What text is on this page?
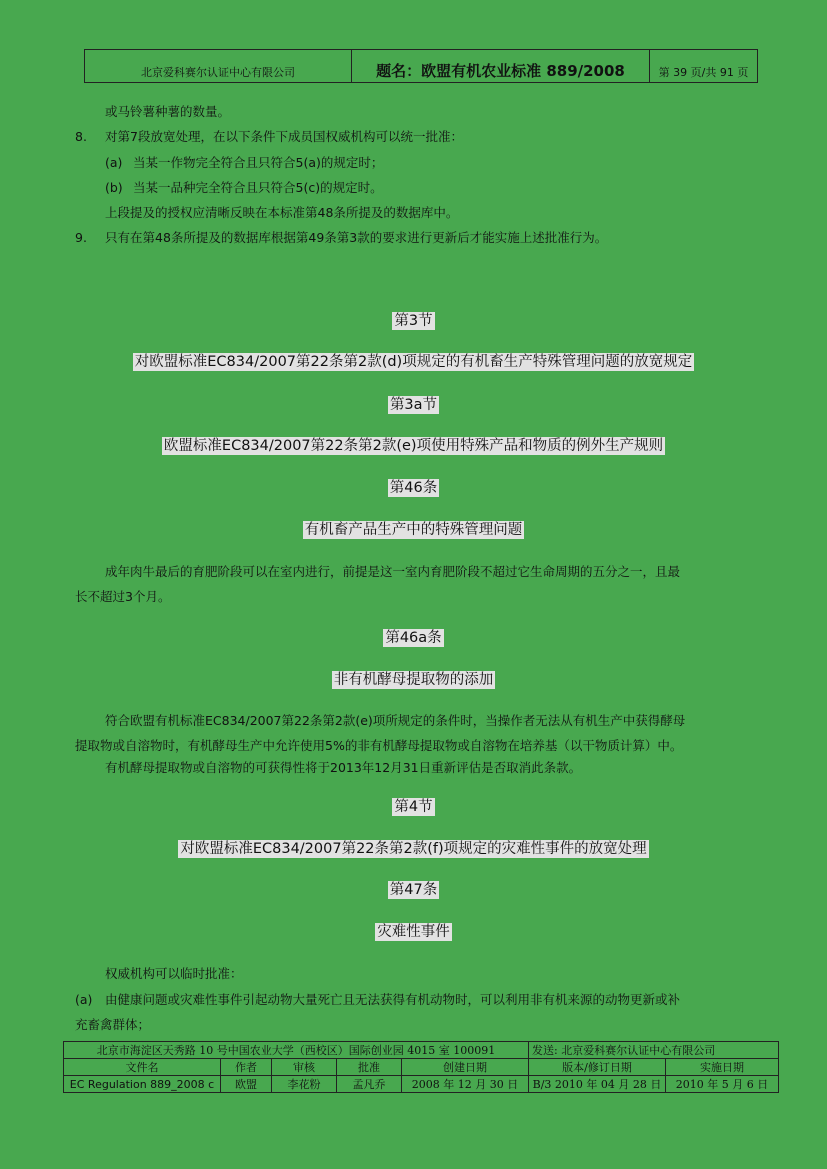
北京爱科赛尔认证中心有限公司	题名：欧盟有机农业标准 889/2008	第 39 页/共 91 页
或马铃薯种薯的数量。
8. 对第7段放宽处理，在以下条件下成员国权威机构可以统一批准：
(a) 当某一作物完全符合且只符合5(a)的规定时；
(b) 当某一品种完全符合且只符合5(c)的规定时。
上段提及的授权应清晰反映在本标准第48条所提及的数据库中。
9. 只有在第48条所提及的数据库根据第49条第3款的要求进行更新后才能实施上述批准行为。
第3节
对欧盟标准EC834/2007第22条第2款(d)项规定的有机畜生产特殊管理问题的放宽规定
第3a节
欧盟标准EC834/2007第22条第2款(e)项使用特殊产品和物质的例外生产规则
第46条
有机畜产品生产中的特殊管理问题
成年肉牛最后的育肥阶段可以在室内进行，前提是这一室内育肥阶段不超过它生命周期的五分之一，且最
长不超过3个月。
第46a条
非有机酵母提取物的添加
符合欧盟有机标准EC834/2007第22条第2款(e)项所规定的条件时，当操作者无法从有机生产中获得酵母
提取物或自溶物时，有机酵母生产中允许使用5%的非有机酵母提取物或自溶物在培养基（以干物质计算）中。
有机酵母提取物或自溶物的可获得性将于2013年12月31日重新评估是否取消此条款。
第4节
对欧盟标准EC834/2007第22条第2款(f)项规定的灾难性事件的放宽处理
第47条
灾难性事件
权威机构可以临时批准：
(a) 由健康问题或灾难性事件引起动物大量死亡且无法获得有机动物时，可以利用非有机来源的动物更新或补
充畜禽群体；
北京市海淀区天秀路 10 号中国农业大学（西校区）国际创业园 4015 室 100091					发送: 北京爱科赛尔认证中心有限公司	
文件名	作者	审核	批准	创建日期	版本/修订日期	实施日期
EC Regulation 889_2008 c	欧盟	李花粉	孟凡乔	2008 年 12 月 30 日	B/3 2010 年 04 月 28 日	2010 年 5 月 6 日
